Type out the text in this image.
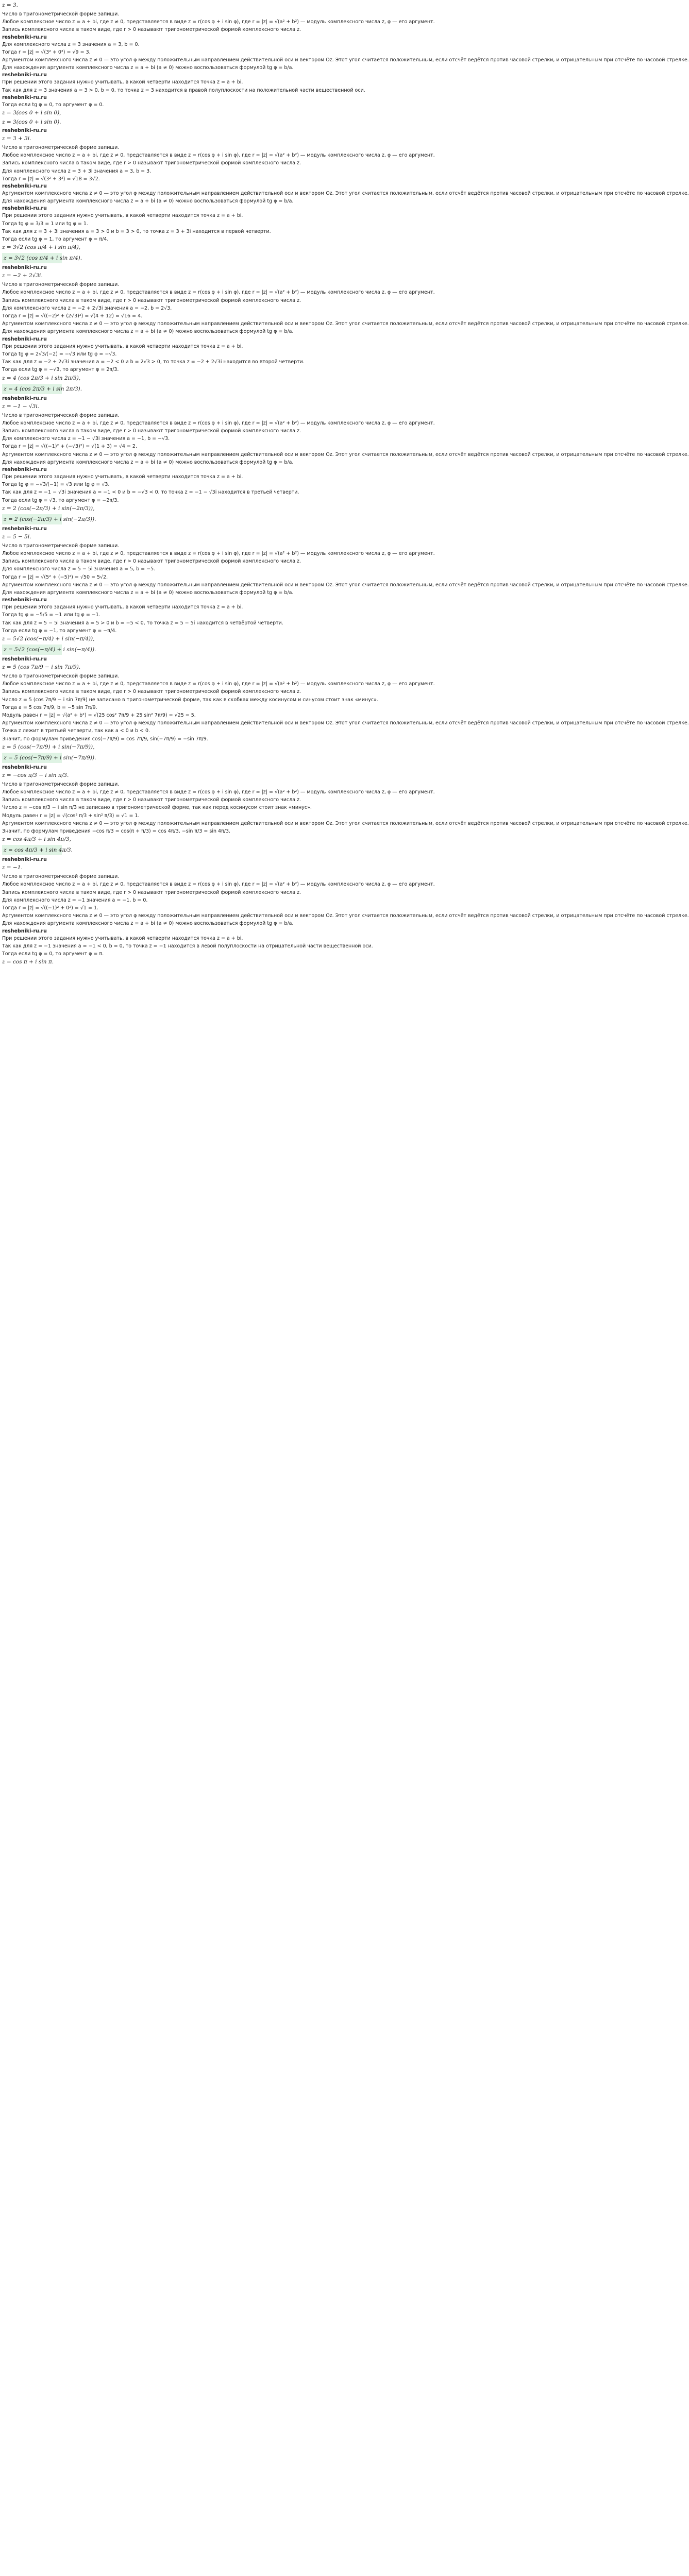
z = 3.
Число в тригонометрической форме запиши.
Любое комплексное число z = a + bi, где z ≠ 0, представляется в виде z = r(cos φ + i sin φ), где r = |z| = √(a² + b²) — модуль комплексного числа z, φ — его аргумент.
Запись комплексного числа в таком виде, где r > 0 называют тригонометрической формой комплексного числа z.
reshebniki-ru.ru
Для комплексного числа z = 3 значения a = 3, b = 0.
Тогда r = |z| = √(3² + 0²) = √9 = 3.
Аргументом комплексного числа z ≠ 0 — это угол φ между положительным направлением действительной оси и вектором Oz. Этот угол считается положительным, если отсчёт ведётся против часовой стрелки, и отрицательным при отсчёте по часовой стрелке.
Для нахождения аргумента комплексного числа z = a + bi (a ≠ 0) можно воспользоваться формулой tg φ = b/a.
reshebniki-ru.ru
При решении этого задания нужно учитывать, в какой четверти находится точка z = a + bi.
Так как для z = 3 значения a = 3 > 0, b = 0, то точка z = 3 находится в правой полуплоскости на положительной части вещественной оси.
reshebniki-ru.ru
Тогда если tg φ = 0, то аргумент φ = 0.
z = 3(cos 0 + i sin 0),
z = 3(cos 0 + i sin 0).
reshebniki-ru.ru
z = 3 + 3i.
Число в тригонометрической форме запиши.
Любое комплексное число z = a + bi, где z ≠ 0, представляется в виде z = r(cos φ + i sin φ), где r = |z| = √(a² + b²) — модуль комплексного числа z, φ — его аргумент.
Запись комплексного числа в таком виде, где r > 0 называют тригонометрической формой комплексного числа z.
Для комплексного числа z = 3 + 3i значения a = 3, b = 3.
Тогда r = |z| = √(3² + 3²) = √18 = 3√2.
reshebniki-ru.ru
Аргументом комплексного числа z ≠ 0 — это угол φ между положительным направлением действительной оси и вектором Oz. Этот угол считается положительным, если отсчёт ведётся против часовой стрелки, и отрицательным при отсчёте по часовой стрелке.
Для нахождения аргумента комплексного числа z = a + bi (a ≠ 0) можно воспользоваться формулой tg φ = b/a.
reshebniki-ru.ru
При решении этого задания нужно учитывать, в какой четверти находится точка z = a + bi.
Тогда tg φ = 3/3 = 1 или tg φ = 1.
Так как для z = 3 + 3i значения a = 3 > 0 и b = 3 > 0, то точка z = 3 + 3i находится в первой четверти.
Тогда если tg φ = 1, то аргумент φ = π/4.
z = 3√2 (cos π/4 + i sin π/4),
z = 3√2 (cos π/4 + i sin π/4).
reshebniki-ru.ru
z = −2 + 2√3i.
Число в тригонометрической форме запиши.
Любое комплексное число z = a + bi, где z ≠ 0, представляется в виде z = r(cos φ + i sin φ), где r = |z| = √(a² + b²) — модуль комплексного числа z, φ — его аргумент.
Запись комплексного числа в таком виде, где r > 0 называют тригонометрической формой комплексного числа z.
Для комплексного числа z = −2 + 2√3i значения a = −2, b = 2√3.
Тогда r = |z| = √((−2)² + (2√3)²) = √(4 + 12) = √16 = 4.
Аргументом комплексного числа z ≠ 0 — это угол φ между положительным направлением действительной оси и вектором Oz. Этот угол считается положительным, если отсчёт ведётся против часовой стрелки, и отрицательным при отсчёте по часовой стрелке.
Для нахождения аргумента комплексного числа z = a + bi (a ≠ 0) можно воспользоваться формулой tg φ = b/a.
reshebniki-ru.ru
При решении этого задания нужно учитывать, в какой четверти находится точка z = a + bi.
Тогда tg φ = 2√3/(−2) = −√3 или tg φ = −√3.
Так как для z = −2 + 2√3i значения a = −2 < 0 и b = 2√3 > 0, то точка z = −2 + 2√3i находится во второй четверти.
Тогда если tg φ = −√3, то аргумент φ = 2π/3.
z = 4 (cos 2π/3 + i sin 2π/3),
z = 4 (cos 2π/3 + i sin 2π/3).
reshebniki-ru.ru
z = −1 − √3i.
Число в тригонометрической форме запиши.
Любое комплексное число z = a + bi, где z ≠ 0, представляется в виде z = r(cos φ + i sin φ), где r = |z| = √(a² + b²) — модуль комплексного числа z, φ — его аргумент.
Запись комплексного числа в таком виде, где r > 0 называют тригонометрической формой комплексного числа z.
Для комплексного числа z = −1 − √3i значения a = −1, b = −√3.
Тогда r = |z| = √((−1)² + (−√3)²) = √(1 + 3) = √4 = 2.
Аргументом комплексного числа z ≠ 0 — это угол φ между положительным направлением действительной оси и вектором Oz. Этот угол считается положительным, если отсчёт ведётся против часовой стрелки, и отрицательным при отсчёте по часовой стрелке.
Для нахождения аргумента комплексного числа z = a + bi (a ≠ 0) можно воспользоваться формулой tg φ = b/a.
reshebniki-ru.ru
При решении этого задания нужно учитывать, в какой четверти находится точка z = a + bi.
Тогда tg φ = −√3/(−1) = √3 или tg φ = √3.
Так как для z = −1 − √3i значения a = −1 < 0 и b = −√3 < 0, то точка z = −1 − √3i находится в третьей четверти.
Тогда если tg φ = √3, то аргумент φ = −2π/3.
z = 2 (cos(−2π/3) + i sin(−2π/3)),
z = 2 (cos(−2π/3) + i sin(−2π/3)).
reshebniki-ru.ru
z = 5 − 5i.
Число в тригонометрической форме запиши.
Любое комплексное число z = a + bi, где z ≠ 0, представляется в виде z = r(cos φ + i sin φ), где r = |z| = √(a² + b²) — модуль комплексного числа z, φ — его аргумент.
Запись комплексного числа в таком виде, где r > 0 называют тригонометрической формой комплексного числа z.
Для комплексного числа z = 5 − 5i значения a = 5, b = −5.
Тогда r = |z| = √(5² + (−5)²) = √50 = 5√2.
Аргументом комплексного числа z ≠ 0 — это угол φ между положительным направлением действительной оси и вектором Oz. Этот угол считается положительным, если отсчёт ведётся против часовой стрелки, и отрицательным при отсчёте по часовой стрелке.
Для нахождения аргумента комплексного числа z = a + bi (a ≠ 0) можно воспользоваться формулой tg φ = b/a.
reshebniki-ru.ru
При решении этого задания нужно учитывать, в какой четверти находится точка z = a + bi.
Тогда tg φ = −5/5 = −1 или tg φ = −1.
Так как для z = 5 − 5i значения a = 5 > 0 и b = −5 < 0, то точка z = 5 − 5i находится в четвёртой четверти.
Тогда если tg φ = −1, то аргумент φ = −π/4.
z = 5√2 (cos(−π/4) + i sin(−π/4)),
z = 5√2 (cos(−π/4) + i sin(−π/4)).
reshebniki-ru.ru
z = 5 (cos 7π/9 − i sin 7π/9).
Число в тригонометрической форме запиши.
Любое комплексное число z = a + bi, где z ≠ 0, представляется в виде z = r(cos φ + i sin φ), где r = |z| = √(a² + b²) — модуль комплексного числа z, φ — его аргумент.
Запись комплексного числа в таком виде, где r > 0 называют тригонометрической формой комплексного числа z.
Число z = 5 (cos 7π/9 − i sin 7π/9) не записано в тригонометрической форме, так как в скобках между косинусом и синусом стоит знак «минус».
Тогда a = 5 cos 7π/9, b = −5 sin 7π/9.
Модуль равен r = |z| = √(a² + b²) = √(25 cos² 7π/9 + 25 sin² 7π/9) = √25 = 5.
Аргументом комплексного числа z ≠ 0 — это угол φ между положительным направлением действительной оси и вектором Oz. Этот угол считается положительным, если отсчёт ведётся против часовой стрелки, и отрицательным при отсчёте по часовой стрелке.
Точка z лежит в третьей четверти, так как a < 0 и b < 0.
Значит, по формулам приведения cos(−7π/9) = cos 7π/9, sin(−7π/9) = −sin 7π/9.
z = 5 (cos(−7π/9) + i sin(−7π/9)),
z = 5 (cos(−7π/9) + i sin(−7π/9)).
reshebniki-ru.ru
z = −cos π/3 − i sin π/3.
Число в тригонометрической форме запиши.
Любое комплексное число z = a + bi, где z ≠ 0, представляется в виде z = r(cos φ + i sin φ), где r = |z| = √(a² + b²) — модуль комплексного числа z, φ — его аргумент.
Запись комплексного числа в таком виде, где r > 0 называют тригонометрической формой комплексного числа z.
Число z = −cos π/3 − i sin π/3 не записано в тригонометрической форме, так как перед косинусом стоит знак «минус».
Модуль равен r = |z| = √(cos² π/3 + sin² π/3) = √1 = 1.
Аргументом комплексного числа z ≠ 0 — это угол φ между положительным направлением действительной оси и вектором Oz. Этот угол считается положительным, если отсчёт ведётся против часовой стрелки, и отрицательным при отсчёте по часовой стрелке.
Значит, по формулам приведения −cos π/3 = cos(π + π/3) = cos 4π/3, −sin π/3 = sin 4π/3.
z = cos 4π/3 + i sin 4π/3,
z = cos 4π/3 + i sin 4π/3.
reshebniki-ru.ru
z = −1.
Число в тригонометрической форме запиши.
Любое комплексное число z = a + bi, где z ≠ 0, представляется в виде z = r(cos φ + i sin φ), где r = |z| = √(a² + b²) — модуль комплексного числа z, φ — его аргумент.
Запись комплексного числа в таком виде, где r > 0 называют тригонометрической формой комплексного числа z.
Для комплексного числа z = −1 значения a = −1, b = 0.
Тогда r = |z| = √((−1)² + 0²) = √1 = 1.
Аргументом комплексного числа z ≠ 0 — это угол φ между положительным направлением действительной оси и вектором Oz. Этот угол считается положительным, если отсчёт ведётся против часовой стрелки, и отрицательным при отсчёте по часовой стрелке.
Для нахождения аргумента комплексного числа z = a + bi (a ≠ 0) можно воспользоваться формулой tg φ = b/a.
reshebniki-ru.ru
При решении этого задания нужно учитывать, в какой четверти находится точка z = a + bi.
Так как для z = −1 значения a = −1 < 0, b = 0, то точка z = −1 находится в левой полуплоскости на отрицательной части вещественной оси.
Тогда если tg φ = 0, то аргумент φ = π.
z = cos π + i sin π.
